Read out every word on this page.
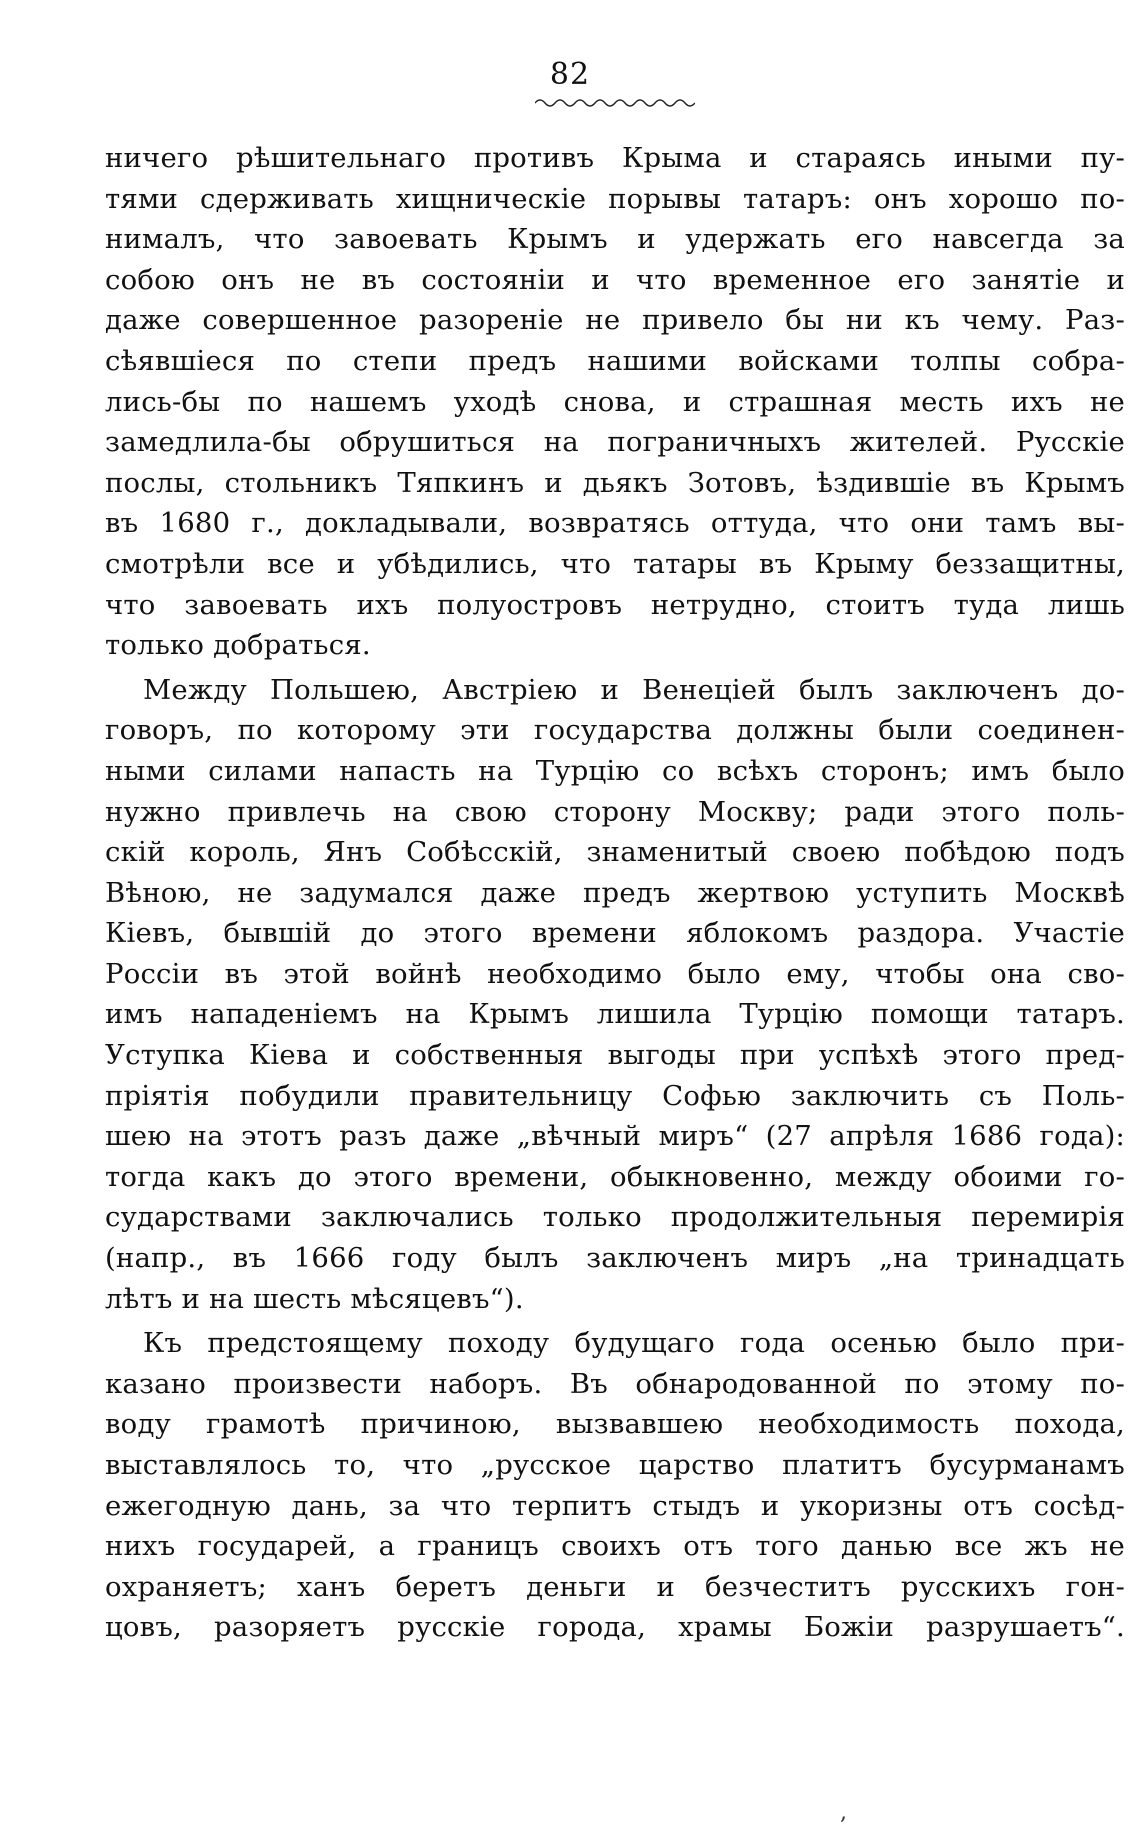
82
ничего рѣшительнаго противъ Крыма и стараясь иными пу-
тями сдерживать хищническіе порывы татаръ: онъ хорошо по-
нималъ, что завоевать Крымъ и удержать его навсегда за
собою онъ не въ состояніи и что временное его занятіе и
даже совершенное разореніе не привело бы ни къ чему. Раз-
сѣявшіеся по степи предъ нашими войсками толпы собра-
лись-бы по нашемъ уходѣ снова, и страшная месть ихъ не
замедлила-бы обрушиться на пограничныхъ жителей. Русскіе
послы, стольникъ Тяпкинъ и дьякъ Зотовъ, ѣздившіе въ Крымъ
въ 1680 г., докладывали, возвратясь оттуда, что они тамъ вы-
смотрѣли все и убѣдились, что татары въ Крыму беззащитны,
что завоевать ихъ полуостровъ нетрудно, стоитъ туда лишь
только добраться.
Между Польшею, Австріею и Венеціей былъ заключенъ до-
говоръ, по которому эти государства должны были соединен-
ными силами напасть на Турцію со всѣхъ сторонъ; имъ было
нужно привлечь на свою сторону Москву; ради этого поль-
скій король, Янъ Собѣсскій, знаменитый своею побѣдою подъ
Вѣною, не задумался даже предъ жертвою уступить Москвѣ
Кіевъ, бывшій до этого времени яблокомъ раздора. Участіе
Россіи въ этой войнѣ необходимо было ему, чтобы она сво-
имъ нападеніемъ на Крымъ лишила Турцію помощи татаръ.
Уступка Кіева и собственныя выгоды при успѣхѣ этого пред-
пріятія побудили правительницу Софью заключить съ Поль-
шею на этотъ разъ даже „вѣчный миръ“ (27 апрѣля 1686 года):
тогда какъ до этого времени, обыкновенно, между обоими го-
сударствами заключались только продолжительныя перемирія
(напр., въ 1666 году былъ заключенъ миръ „на тринадцать
лѣтъ и на шесть мѣсяцевъ“).
Къ предстоящему походу будущаго года осенью было при-
казано произвести наборъ. Въ обнародованной по этому по-
воду грамотѣ причиною, вызвавшею необходимость похода,
выставлялось то, что „русское царство платитъ бусурманамъ
ежегодную дань, за что терпитъ стыдъ и укоризны отъ сосѣд-
нихъ государей, а границъ своихъ отъ того данью все жъ не
охраняетъ; ханъ беретъ деньги и безчеститъ русскихъ гон-
цовъ, разоряетъ русскіе города, храмы Божіи разрушаетъ“.
,
